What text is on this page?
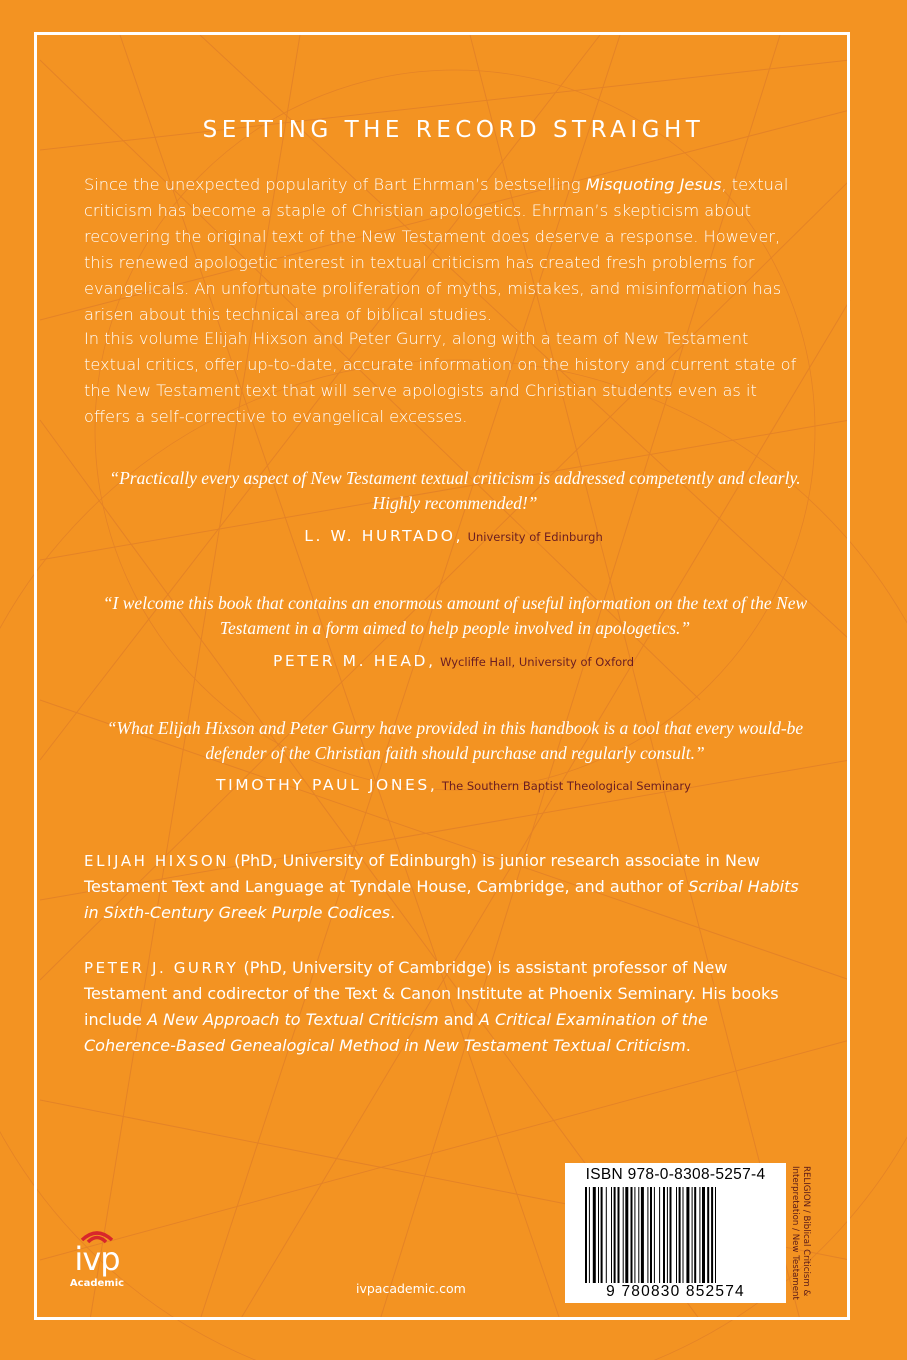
SETTING THE RECORD STRAIGHT

Since the unexpected popularity of Bart Ehrman’s bestselling Misquoting Jesus, textual criticism has become a staple of Christian apologetics. Ehrman’s skepticism about recovering the original text of the New Testament does deserve a response. However, this renewed apologetic interest in textual criticism has created fresh problems for evangelicals. An unfortunate proliferation of myths, mistakes, and misinformation has arisen about this technical area of biblical studies.

In this volume Elijah Hixson and Peter Gurry, along with a team of New Testament textual critics, offer up-to-date, accurate information on the history and current state of the New Testament text that will serve apologists and Christian students even as it offers a self-corrective to evangelical excesses.

“Practically every aspect of New Testament textual criticism is addressed competently and clearly. Highly recommended!”
L. W. HURTADO, University of Edinburgh
“I welcome this book that contains an enormous amount of useful information on the text of the New Testament in a form aimed to help people involved in apologetics.”
PETER M. HEAD, Wycliffe Hall, University of Oxford
“What Elijah Hixson and Peter Gurry have provided in this handbook is a tool that every would-be defender of the Christian faith should purchase and regularly consult.”
TIMOTHY PAUL JONES, The Southern Baptist Theological Seminary

ELIJAH HIXSON (PhD, University of Edinburgh) is junior research associate in New Testament Text and Language at Tyndale House, Cambridge, and author of Scribal Habits in Sixth-Century Greek Purple Codices.

PETER J. GURRY (PhD, University of Cambridge) is assistant professor of New Testament and codirector of the Text & Canon Institute at Phoenix Seminary. His books include A New Approach to Textual Criticism and A Critical Examination of the Coherence-Based Genealogical Method in New Testament Textual Criticism.

ISBN 978-0-8308-5257-4
9 780830 852574	RELIGION / Biblical Criticism &
Interpretation / New Testament
ivp
Academic	ivpacademic.com
